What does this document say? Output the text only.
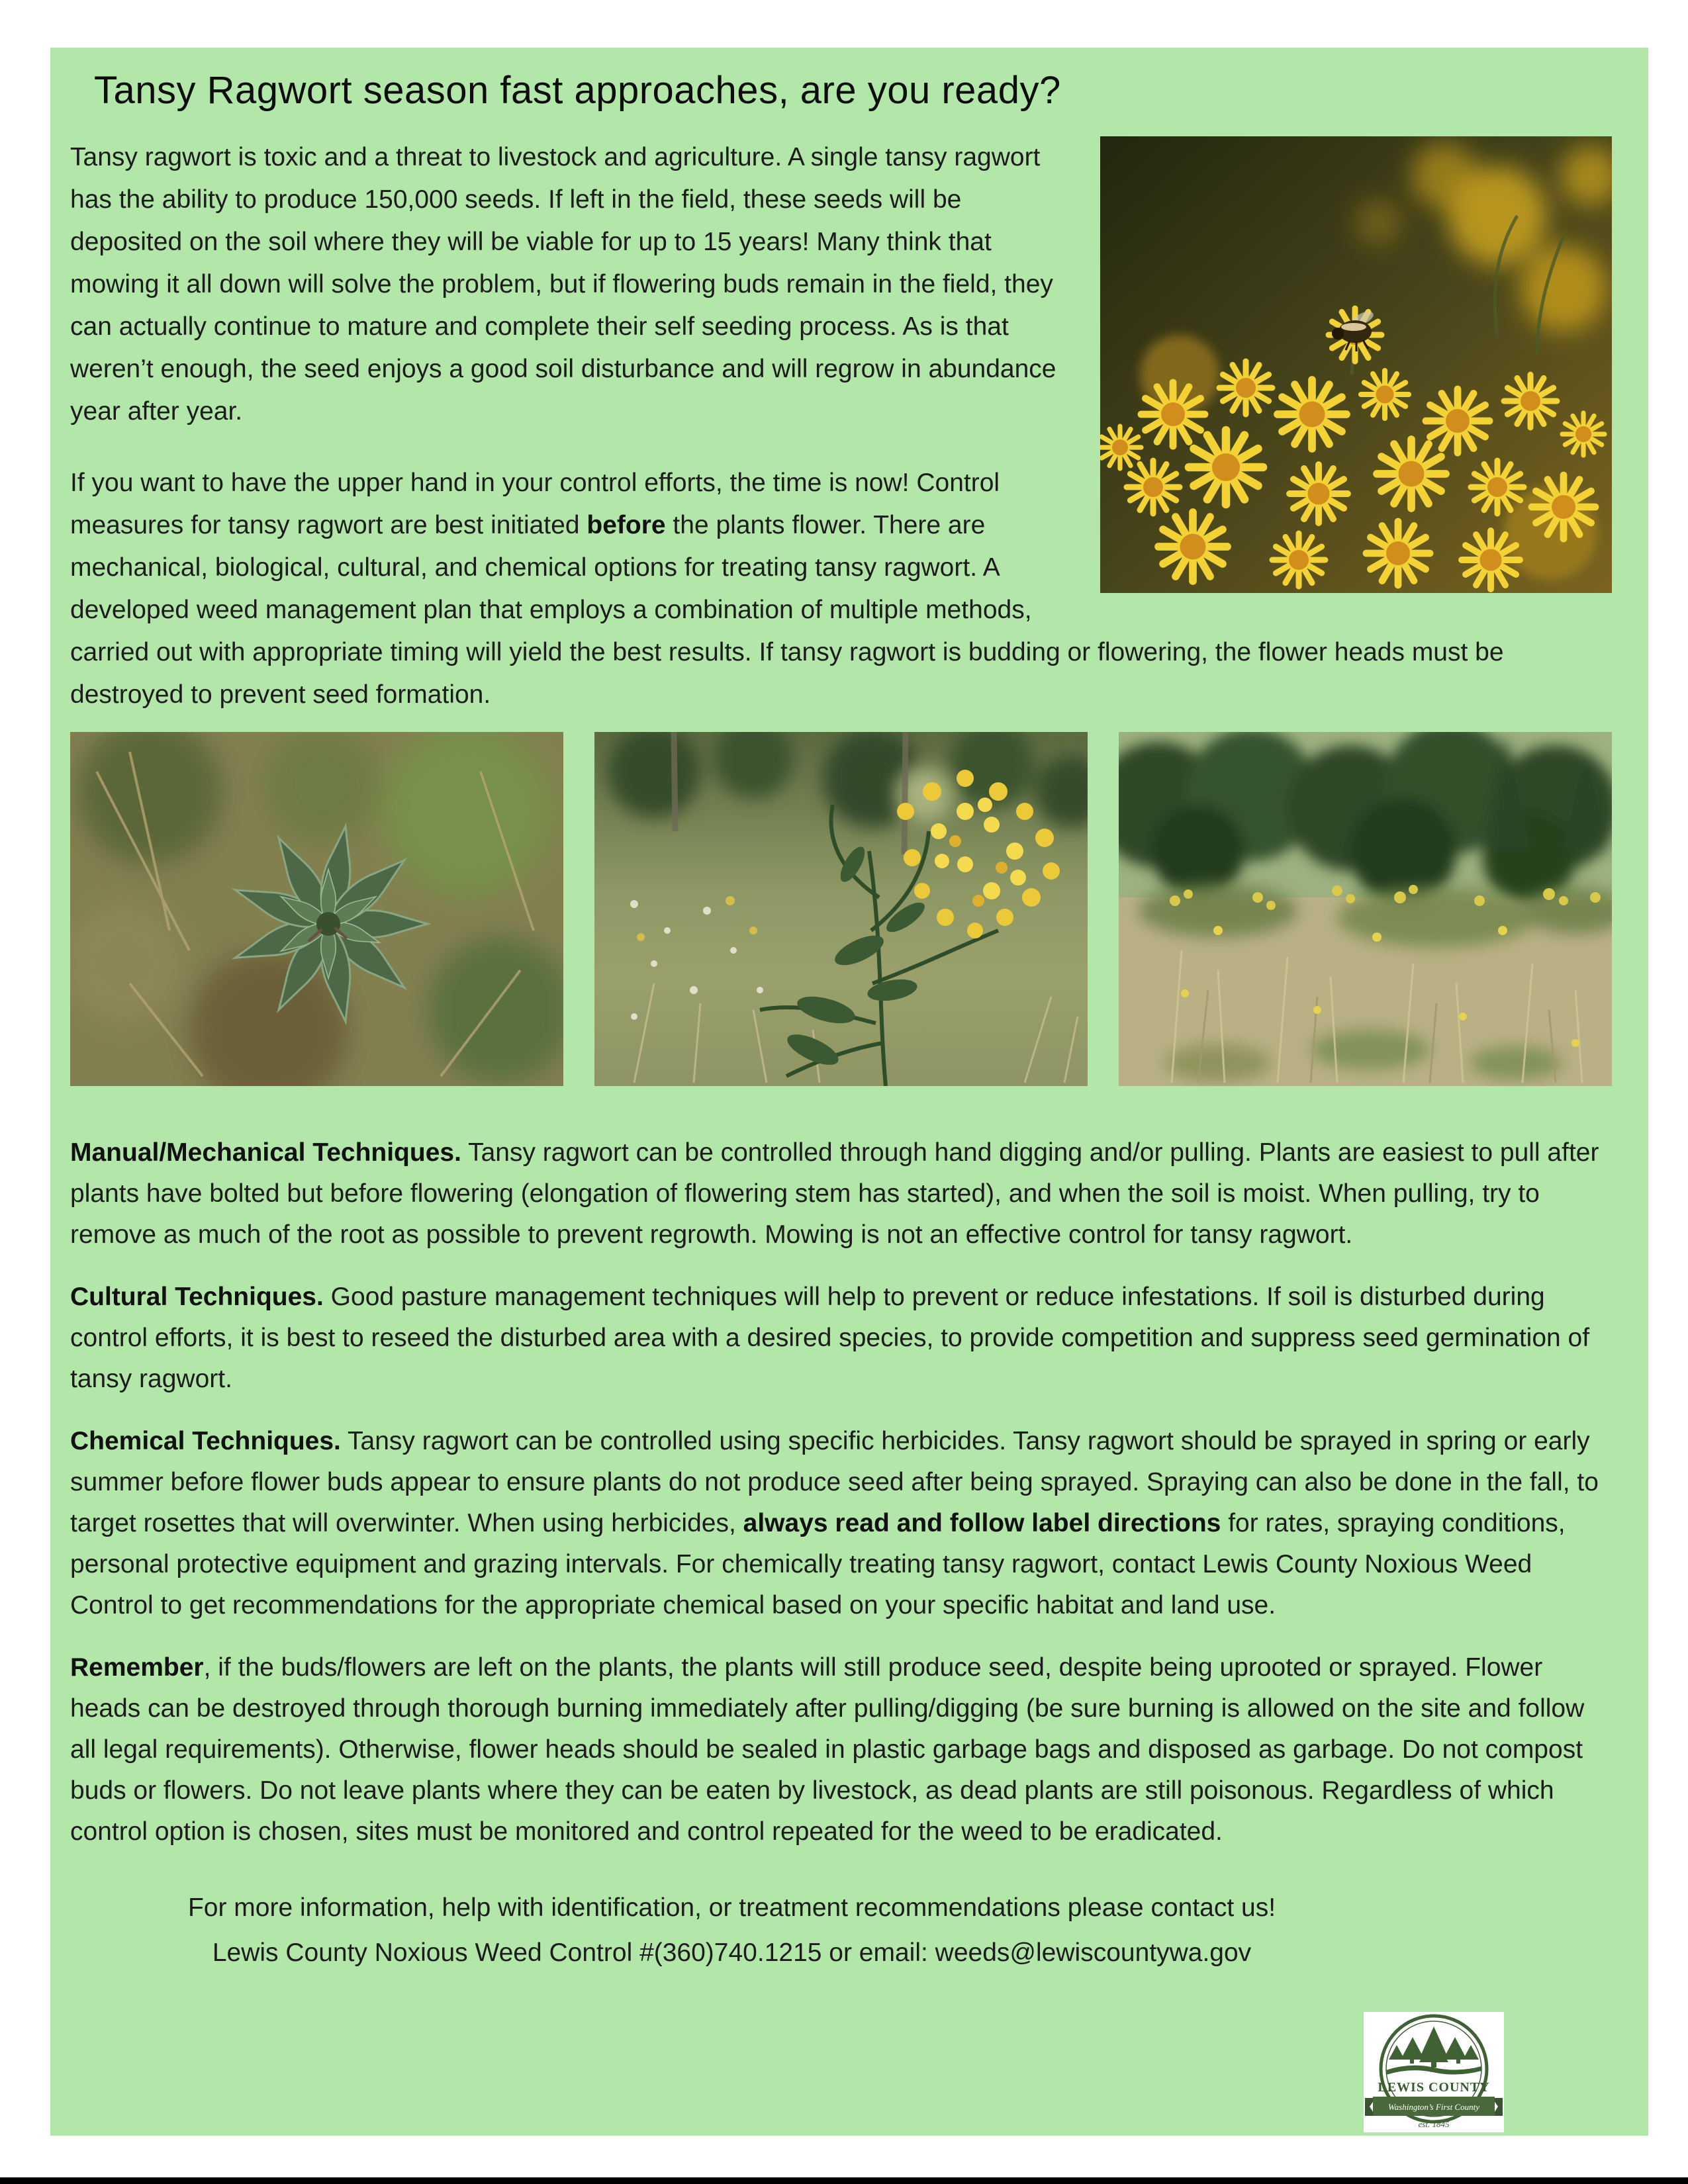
Tansy Ragwort season fast approaches, are you ready?

Tansy ragwort is toxic and a threat to livestock and agriculture. A single tansy ragwort has the ability to produce 150,000 seeds. If left in the field, these seeds will be deposited on the soil where they will be viable for up to 15 years! Many think that mowing it all down will solve the problem, but if flowering buds remain in the field, they can actually continue to mature and complete their self seeding process. As is that weren’t enough, the seed enjoys a good soil disturbance and will regrow in abundance year after year.

If you want to have the upper hand in your control efforts, the time is now! Control measures for tansy ragwort are best initiated before the plants flower. There are mechanical, biological, cultural, and chemical options for treating tansy ragwort. A developed weed management plan that employs a combination of multiple methods, carried out with appropriate timing will yield the best results. If tansy ragwort is budding or flowering, the flower heads must be destroyed to prevent seed formation.

Manual/Mechanical Techniques. Tansy ragwort can be controlled through hand digging and/or pulling. Plants are easiest to pull after plants have bolted but before flowering (elongation of flowering stem has started), and when the soil is moist. When pulling, try to remove as much of the root as possible to prevent regrowth. Mowing is not an effective control for tansy ragwort.

Cultural Techniques. Good pasture management techniques will help to prevent or reduce infestations. If soil is disturbed during control efforts, it is best to reseed the disturbed area with a desired species, to provide competition and suppress seed germination of tansy ragwort.

Chemical Techniques. Tansy ragwort can be controlled using specific herbicides. Tansy ragwort should be sprayed in spring or early summer before flower buds appear to ensure plants do not produce seed after being sprayed. Spraying can also be done in the fall, to target rosettes that will overwinter. When using herbicides, always read and follow label directions for rates, spraying conditions, personal protective equipment and grazing intervals. For chemically treating tansy ragwort, contact Lewis County Noxious Weed Control to get recommendations for the appropriate chemical based on your specific habitat and land use.

Remember, if the buds/flowers are left on the plants, the plants will still produce seed, despite being uprooted or sprayed. Flower heads can be destroyed through thorough burning immediately after pulling/digging (be sure burning is allowed on the site and follow all legal requirements). Otherwise, flower heads should be sealed in plastic garbage bags and disposed as garbage. Do not compost buds or flowers. Do not leave plants where they can be eaten by livestock, as dead plants are still poisonous. Regardless of which control option is chosen, sites must be monitored and control repeated for the weed to be eradicated.

For more information, help with identification, or treatment recommendations please contact us!
Lewis County Noxious Weed Control #(360)740.1215 or email: weeds@lewiscountywa.gov
LEWIS COUNTY
Washington’s First County
est. 1845
